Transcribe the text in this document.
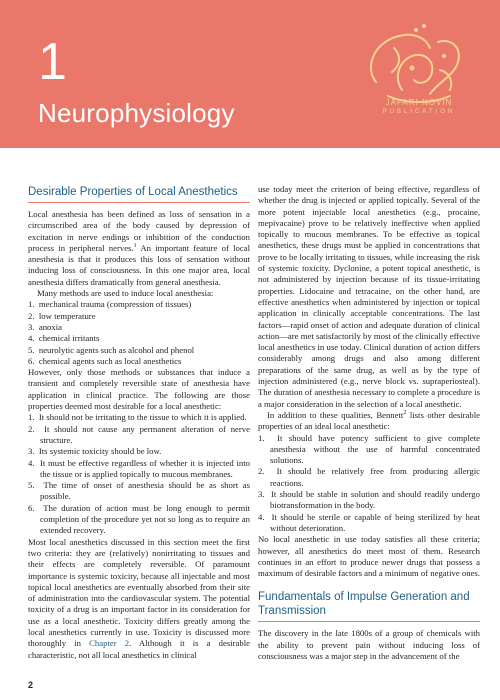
1
Neurophysiology	JAFARI NOVIN
PUBLICATION
Desirable Properties of Local Anesthetics

Local anesthesia has been defined as loss of sensation in a circumscribed area of the body caused by depression of excitation in nerve endings or inhibition of the conduction process in peripheral nerves.$^1$ An important feature of local anesthesia is that it produces this loss of sensation without inducing loss of consciousness. In this one major area, local anesthesia differs dramatically from general anesthesia.

Many methods are used to induce local anesthesia:

1.  mechanical trauma (compression of tissues)
2.  low temperature
3.  anoxia
4.  chemical irritants
5.  neurolytic agents such as alcohol and phenol
6.  chemical agents such as local anesthetics

However, only those methods or substances that induce a transient and completely reversible state of anesthesia have application in clinical practice. The following are those properties deemed most desirable for a local anesthetic:

1.  It should not be irritating to the tissue to which it is applied.
2.  It should not cause any permanent alteration of nerve structure.
3.  Its systemic toxicity should be low.
4.  It must be effective regardless of whether it is injected into the tissue or is applied topically to mucous membranes.
5.  The time of onset of anesthesia should be as short as possible.
6.  The duration of action must be long enough to permit completion of the procedure yet not so long as to require an extended recovery.

Most local anesthetics discussed in this section meet the first two criteria: they are (relatively) nonirritating to tissues and their effects are completely reversible. Of paramount importance is systemic toxicity, because all injectable and most topical local anesthetics are eventually absorbed from their site of administration into the cardiovascular system. The potential toxicity of a drug is an important factor in its consideration for use as a local anesthetic. Toxicity differs greatly among the local anesthetics currently in use. Toxicity is discussed more thoroughly in Chapter 2. Although it is a desirable characteristic, not all local anesthetics in clinical

use today meet the criterion of being effective, regardless of whether the drug is injected or applied topically. Several of the more potent injectable local anesthetics (e.g., procaine, mepivacaine) prove to be relatively ineffective when applied topically to mucous membranes. To be effective as topical anesthetics, these drugs must be applied in concentrations that prove to be locally irritating to tissues, while increasing the risk of systemic toxicity. Dyclonine, a potent topical anesthetic, is not administered by injection because of its tissue-irritating properties. Lidocaine and tetracaine, on the other hand, are effective anesthetics when administered by injection or topical application in clinically acceptable concentrations. The last factors—rapid onset of action and adequate duration of clinical action—are met satisfactorily by most of the clinically effective local anesthetics in use today. Clinical duration of action differs considerably among drugs and also among different preparations of the same drug, as well as by the type of injection administered (e.g., nerve block vs. supraperiosteal). The duration of anesthesia necessary to complete a procedure is a major consideration in the selection of a local anesthetic.

In addition to these qualities, Bennett$^2$ lists other desirable properties of an ideal local anesthetic:

1.  It should have potency sufficient to give complete anesthesia without the use of harmful concentrated solutions.
2.  It should be relatively free from producing allergic reactions.
3.  It should be stable in solution and should readily undergo biotransformation in the body.
4.  It should be sterile or capable of being sterilized by heat without deterioration.

No local anesthetic in use today satisfies all these criteria; however, all anesthetics do meet most of them. Research continues in an effort to produce newer drugs that possess a maximum of desirable factors and a minimum of negative ones.

Fundamentals of Impulse Generation and Transmission

The discovery in the late 1800s of a group of chemicals with the ability to prevent pain without inducing loss of consciousness was a major step in the advancement of the

2
